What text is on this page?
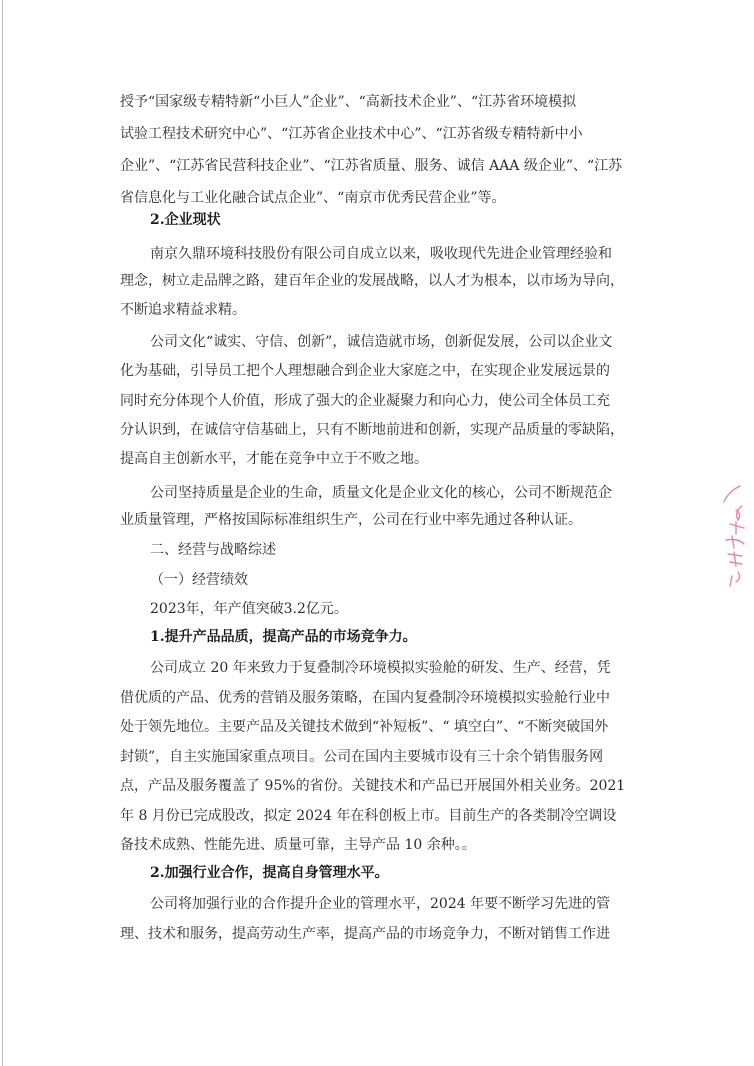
授予“国家级专精特新“小巨人”企业”、“高新技术企业”、“江苏省环境模拟
试验工程技术研究中心”、“江苏省企业技术中心”、“江苏省级专精特新中小
企业”、“江苏省民营科技企业”、“江苏省质量、服务、诚信 AAA 级企业”、“江苏
省信息化与工业化融合试点企业”、“南京市优秀民营企业”等。
2.企业现状
南京久鼎环境科技股份有限公司自成立以来，吸收现代先进企业管理经验和
理念，树立走品牌之路，建百年企业的发展战略，以人才为根本，以市场为导向，
不断追求精益求精。
公司文化“诚实、守信、创新”，诚信造就市场，创新促发展，公司以企业文
化为基础，引导员工把个人理想融合到企业大家庭之中，在实现企业发展远景的
同时充分体现个人价值，形成了强大的企业凝聚力和向心力，使公司全体员工充
分认识到，在诚信守信基础上，只有不断地前进和创新，实现产品质量的零缺陷，
提高自主创新水平，才能在竞争中立于不败之地。
公司坚持质量是企业的生命，质量文化是企业文化的核心，公司不断规范企
业质量管理，严格按国际标准组织生产，公司在行业中率先通过各种认证。
二、经营与战略综述
（一）经营绩效
2023年，年产值突破3.2亿元。
1.提升产品品质，提高产品的市场竞争力。
公司成立 20 年来致力于复叠制冷环境模拟实验舱的研发、生产、经营，凭
借优质的产品、优秀的营销及服务策略，在国内复叠制冷环境模拟实验舱行业中
处于领先地位。主要产品及关键技术做到“补短板”、“ 填空白”、“不断突破国外
封锁”，自主实施国家重点项目。公司在国内主要城市设有三十余个销售服务网
点，产品及服务覆盖了 95%的省份。关键技术和产品已开展国外相关业务。2021
年 8 月份已完成股改，拟定 2024 年在科创板上市。目前生产的各类制冷空调设
备技术成熟、性能先进、质量可靠，主导产品 10 余种。。
2.加强行业合作，提高自身管理水平。
公司将加强行业的合作提升企业的管理水平，2024 年要不断学习先进的管
理、技术和服务，提高劳动生产率，提高产品的市场竞争力，不断对销售工作进
